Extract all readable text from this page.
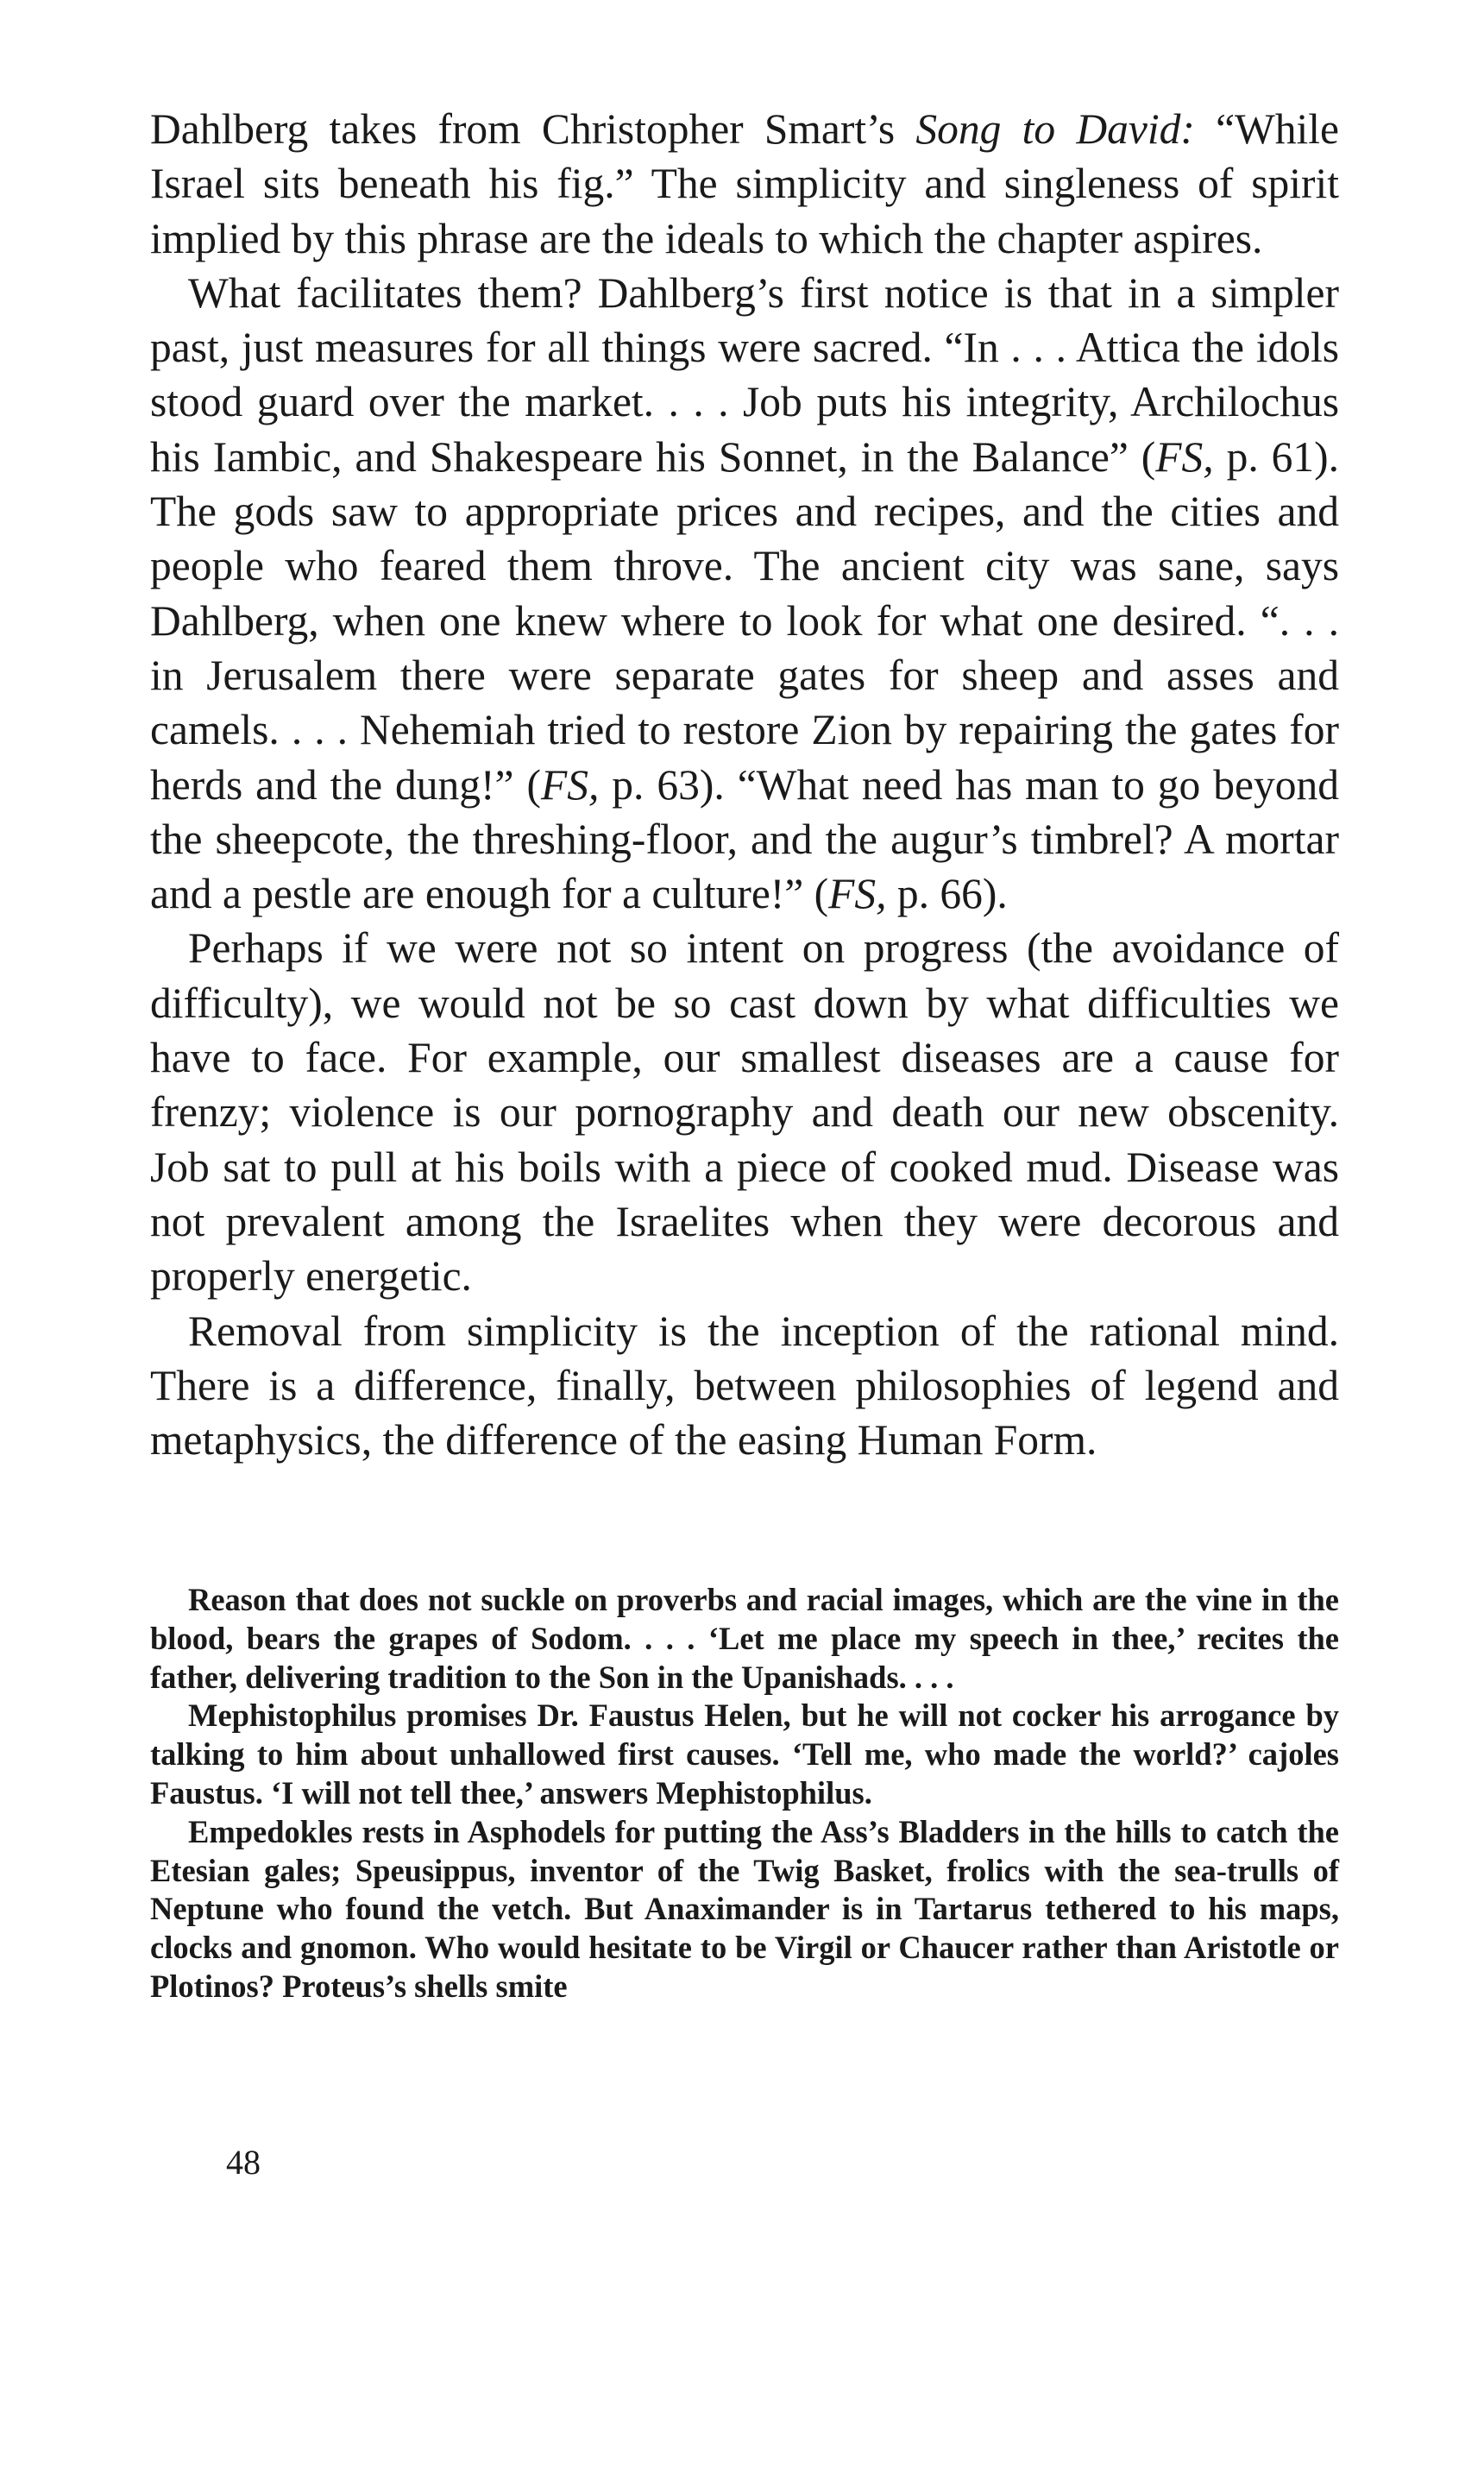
Dahlberg takes from Christopher Smart’s Song to David: “While Israel sits beneath his fig.” The simplicity and singleness of spirit implied by this phrase are the ideals to which the chapter aspires.

What facilitates them? Dahlberg’s first notice is that in a simpler past, just measures for all things were sacred. “In . . . Attica the idols stood guard over the market. . . . Job puts his integrity, Archilochus his Iambic, and Shakespeare his Sonnet, in the Balance” (FS, p. 61). The gods saw to appropriate prices and recipes, and the cities and people who feared them throve. The ancient city was sane, says Dahlberg, when one knew where to look for what one desired. “. . . in Jerusalem there were separate gates for sheep and asses and camels. . . . Nehemiah tried to restore Zion by repairing the gates for herds and the dung!” (FS, p. 63). “What need has man to go beyond the sheepcote, the threshing-floor, and the augur’s timbrel? A mortar and a pestle are enough for a culture!” (FS, p. 66).

Perhaps if we were not so intent on progress (the avoidance of difficulty), we would not be so cast down by what difficulties we have to face. For example, our smallest diseases are a cause for frenzy; violence is our pornography and death our new obscenity. Job sat to pull at his boils with a piece of cooked mud. Disease was not prevalent among the Israelites when they were decorous and properly energetic.

Removal from simplicity is the inception of the rational mind. There is a difference, finally, between philosophies of legend and metaphysics, the difference of the easing Human Form.

Reason that does not suckle on proverbs and racial images, which are the vine in the blood, bears the grapes of Sodom. . . . ‘Let me place my speech in thee,’ recites the father, delivering tradition to the Son in the Upanishads. . . .

Mephistophilus promises Dr. Faustus Helen, but he will not cocker his arrogance by talking to him about unhallowed first causes. ‘Tell me, who made the world?’ cajoles Faustus. ‘I will not tell thee,’ answers Mephistophilus.

Empedokles rests in Asphodels for putting the Ass’s Bladders in the hills to catch the Etesian gales; Speusippus, inventor of the Twig Basket, frolics with the sea-trulls of Neptune who found the vetch. But Anaximander is in Tartarus tethered to his maps, clocks and gnomon. Who would hesitate to be Virgil or Chaucer rather than Aristotle or Plotinos? Proteus’s shells smite

48
